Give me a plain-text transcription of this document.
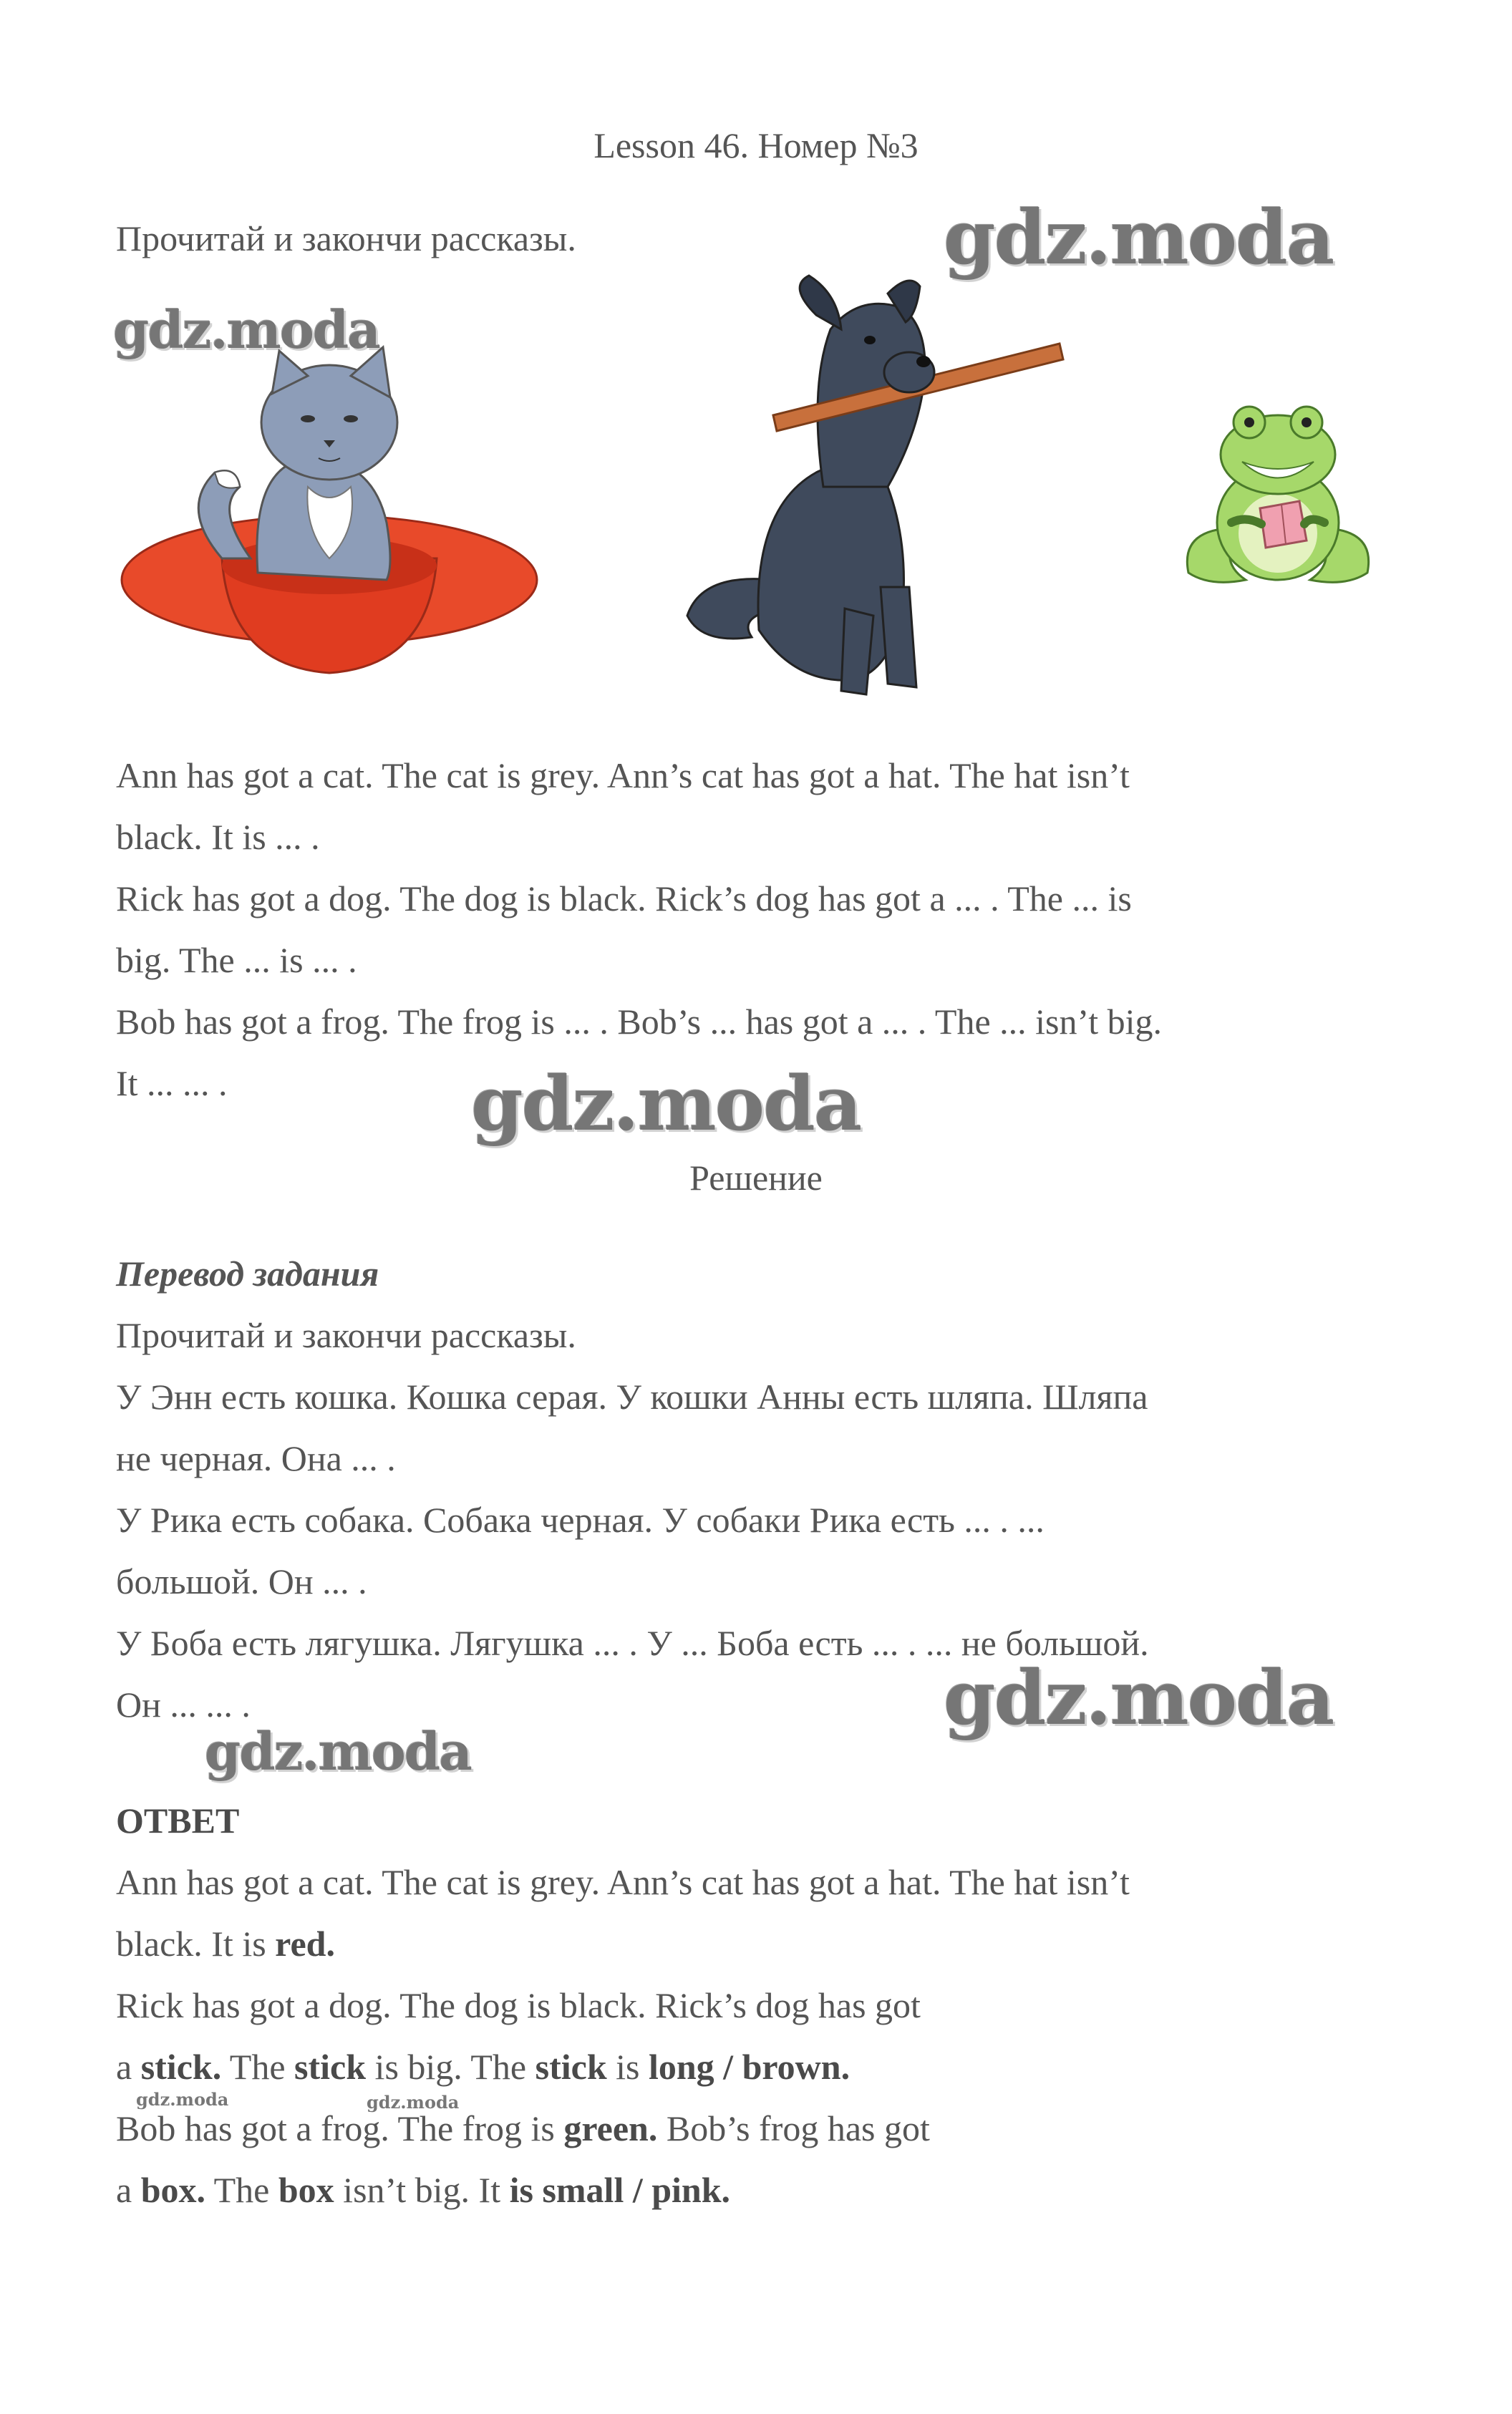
Lesson 46. Номер №3
Прочитай и закончи рассказы.	gdz.moda
gdz.moda
gdz.moda
gdz.moda
gdz.moda
gdz.moda	gdz.moda
Ann has got a cat. The cat is grey. Ann’s cat has got a hat. The hat isn’t
black. It is ... .
Rick has got a dog. The dog is black. Rick’s dog has got a ... . The ... is
big. The ... is ... .
Bob has got a frog. The frog is ... . Bob’s ... has got a ... . The ... isn’t big.
It ... ... .
Решение
Перевод задания
Прочитай и закончи рассказы.
У Энн есть кошка. Кошка серая. У кошки Анны есть шляпа. Шляпа
не черная. Она ... .
У Рика есть собака. Собака черная. У собаки Рика есть ... . ...
большой. Он ... .
У Боба есть лягушка. Лягушка ... . У ... Боба есть ... . ... не большой.
Он ... ... .
ОТВЕТ
Ann has got a cat. The cat is grey. Ann’s cat has got a hat. The hat isn’t
black. It is red.
Rick has got a dog. The dog is black. Rick’s dog has got
a stick. The stick is big. The stick is long / brown.
Bob has got a frog. The frog is green. Bob’s frog has got
a box. The box isn’t big. It is small / pink.
